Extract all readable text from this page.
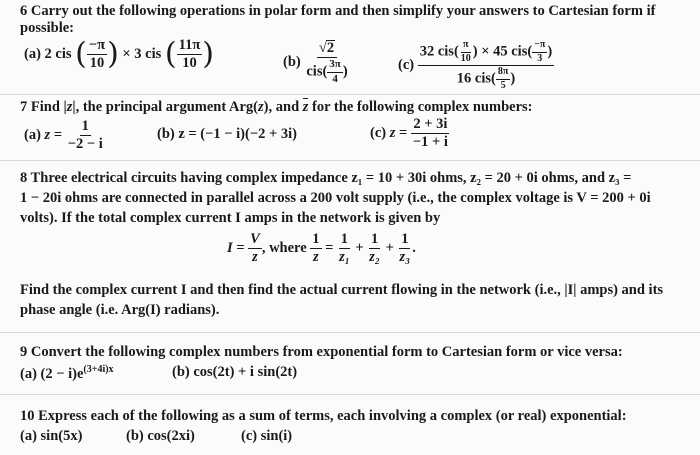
6 Carry out the following operations in polar form and then simplify your answers to Cartesian form if possible:
(a) 2 cis ( $\frac{-\pi}{10}$ ) × 3 cis ( $\frac{11\pi}{10}$ )	$(b) \frac{√2}{cis( \frac{3\pi}{4} )}$	$(c) \frac{32 cis( \frac{\pi}{10} ) \times 45 cis( \frac{-\pi}{3} )}{16 cis( \frac{8\pi}{5} )}$
7 Find |z|, the principal argument Arg(z), and z for the following complex numbers:
(a) $z = \frac{1}{-2 - i}$	(b) z = (−1 − i)(−2 + 3i)	(c) $z = \frac{2 + 3i}{-1 + i}$
8 Three electrical circuits having complex impedance z₁ = 10 + 30i ohms, z₂ = 20 + 0i ohms, and z₃ =
1 − 20i ohms are connected in parallel across a 200 volt supply (i.e., the complex voltage is V = 200 + 0i
volts). If the total complex current I amps in the network is given by
$I = \frac{V}{z}$ , where $\frac{1}{z} = \frac{1}{\text{z₁}} + \frac{1}{\text{z₂}} + \frac{1}{\text{z₃}}$ .
Find the complex current I and then find the actual current flowing in the network (i.e., |I| amps) and its
phase angle (i.e. Arg(I) radians).
9 Convert the following complex numbers from exponential form to Cartesian form or vice versa:
(a) $(2 - i)e^{(3+4i)x}$	(b) cos(2t) + i sin(2t)
10 Express each of the following as a sum of terms, each involving a complex (or real) exponential:
(a) sin(5x)	(b) cos(2xi)	(c) sin(i)
